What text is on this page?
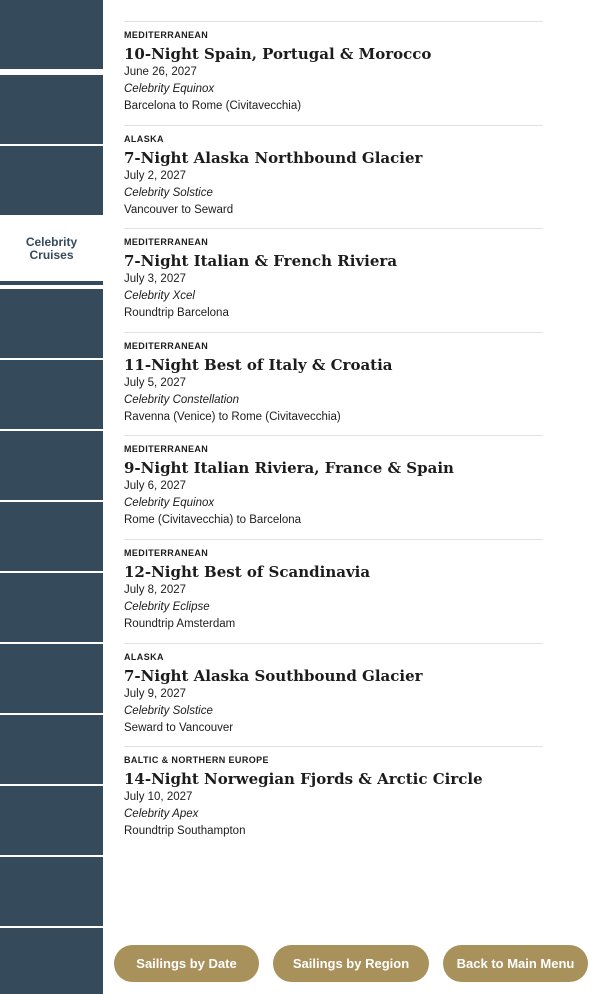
Celebrity Cruises
MEDITERRANEAN
10-Night Spain, Portugal & Morocco
June 26, 2027
Celebrity Equinox
Barcelona to Rome (Civitavecchia)
ALASKA
7-Night Alaska Northbound Glacier
July 2, 2027
Celebrity Solstice
Vancouver to Seward
MEDITERRANEAN
7-Night Italian & French Riviera
July 3, 2027
Celebrity Xcel
Roundtrip Barcelona
MEDITERRANEAN
11-Night Best of Italy & Croatia
July 5, 2027
Celebrity Constellation
Ravenna (Venice) to Rome (Civitavecchia)
MEDITERRANEAN
9-Night Italian Riviera, France & Spain
July 6, 2027
Celebrity Equinox
Rome (Civitavecchia) to Barcelona
MEDITERRANEAN
12-Night Best of Scandinavia
July 8, 2027
Celebrity Eclipse
Roundtrip Amsterdam
ALASKA
7-Night Alaska Southbound Glacier
July 9, 2027
Celebrity Solstice
Seward to Vancouver
BALTIC & NORTHERN EUROPE
14-Night Norwegian Fjords & Arctic Circle
July 10, 2027
Celebrity Apex
Roundtrip Southampton
Sailings by Date	Sailings by Region	Back to Main Menu
